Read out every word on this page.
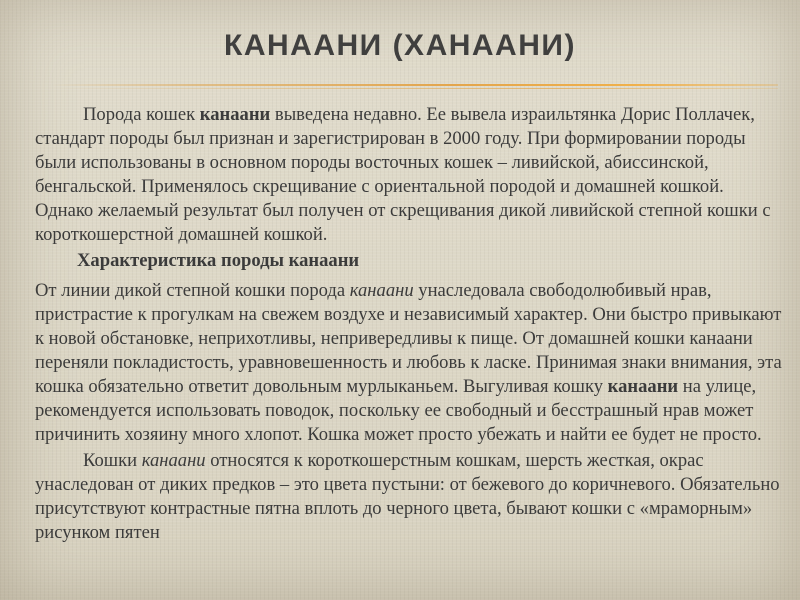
КАНААНИ (ХАНААНИ)

Порода кошек канаани выведена недавно. Ее вывела израильтянка Дорис Поллачек, стандарт породы был признан и зарегистрирован в 2000 году. При формировании породы были использованы в основном породы восточных кошек – ливийской, абиссинской, бенгальской. Применялось скрещивание с ориентальной породой и домашней кошкой. Однако желаемый результат был получен от скрещивания дикой ливийской степной кошки с короткошерстной домашней кошкой.

Характеристика породы канаани

От линии дикой степной кошки порода канаани унаследовала свободолюбивый нрав, пристрастие к прогулкам на свежем воздухе и независимый характер. Они быстро привыкают к новой обстановке, неприхотливы, непривередливы к пище. От домашней кошки канаани переняли покладистость, уравновешенность и любовь к ласке. Принимая знаки внимания, эта кошка обязательно ответит довольным мурлыканьем. Выгуливая кошку канаани на улице, рекомендуется использовать поводок, поскольку ее свободный и бесстрашный нрав может причинить хозяину много хлопот. Кошка может просто убежать и найти ее будет не просто.

Кошки канаани относятся к короткошерстным кошкам, шерсть жесткая, окрас унаследован от диких предков – это цвета пустыни: от бежевого до коричневого. Обязательно присутствуют контрастные пятна вплоть до черного цвета, бывают кошки с «мраморным» рисунком пятен
